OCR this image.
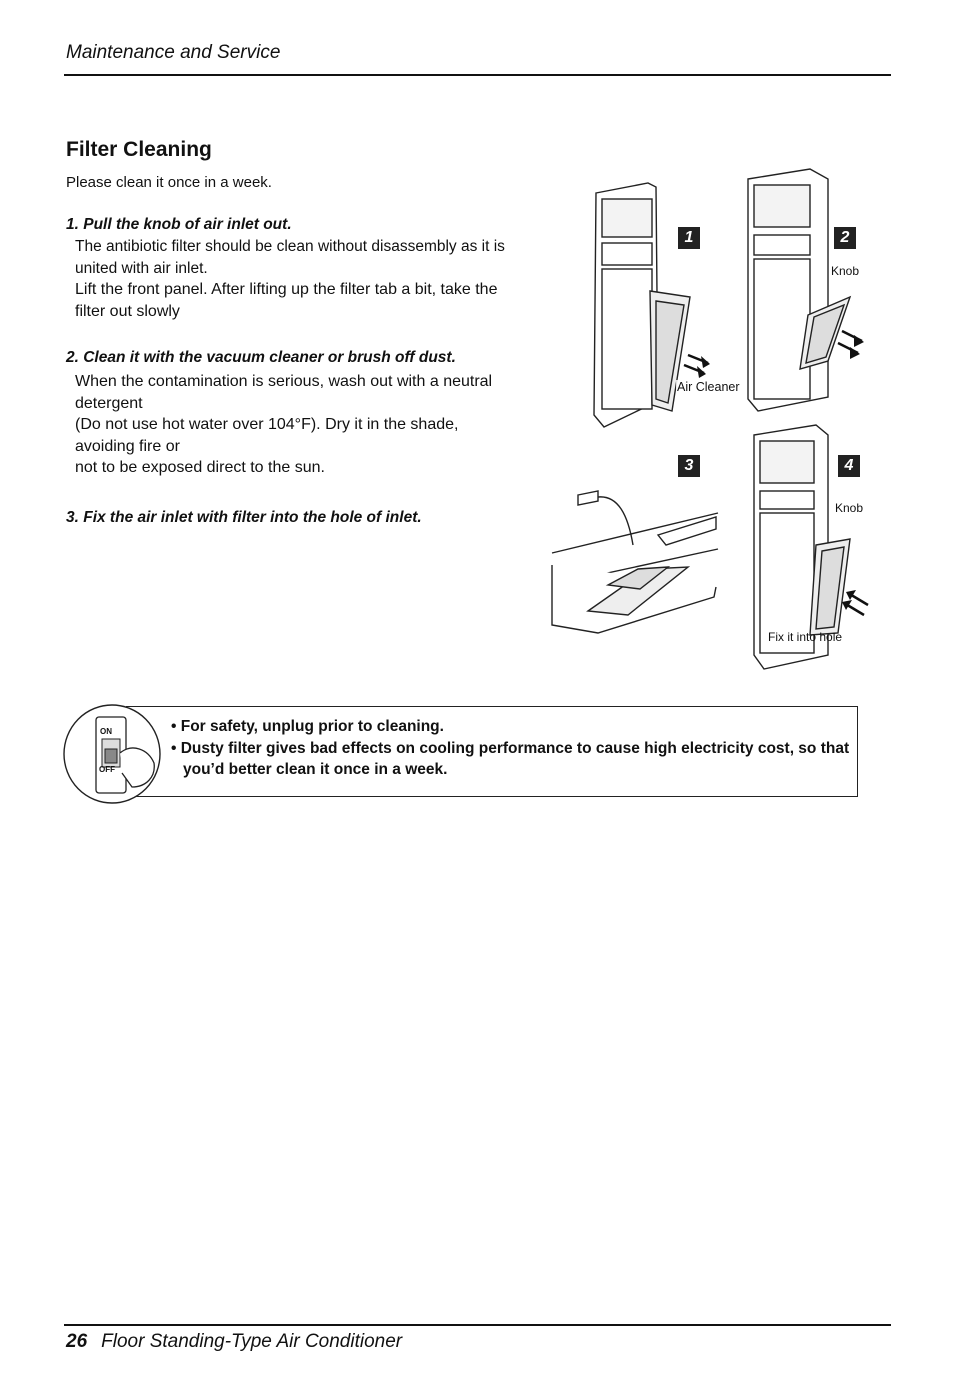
Maintenance and Service
Filter Cleaning
Please clean it once in a week.
1. Pull the knob of air inlet out.
The antibiotic filter should be clean without disassembly as it is
united with air inlet.
Lift the front panel. After lifting up the filter tab a bit, take the
filter out slowly
2. Clean it with the vacuum cleaner or brush off dust.
When the contamination is serious, wash out with a neutral
detergent
(Do not use hot water over 104°F). Dry it in the shade,
avoiding fire or
not to be exposed direct to the sun.
3. Fix the air inlet with filter into the hole of inlet.
1	2
3	4
Air Cleaner
Knob
Knob
Fix it into hole
ON
OFF
• For safety, unplug prior to cleaning.
• Dusty filter gives bad effects on cooling performance to cause high electricity cost, so that you’d better clean it once in a week.
26 Floor Standing-Type Air Conditioner
